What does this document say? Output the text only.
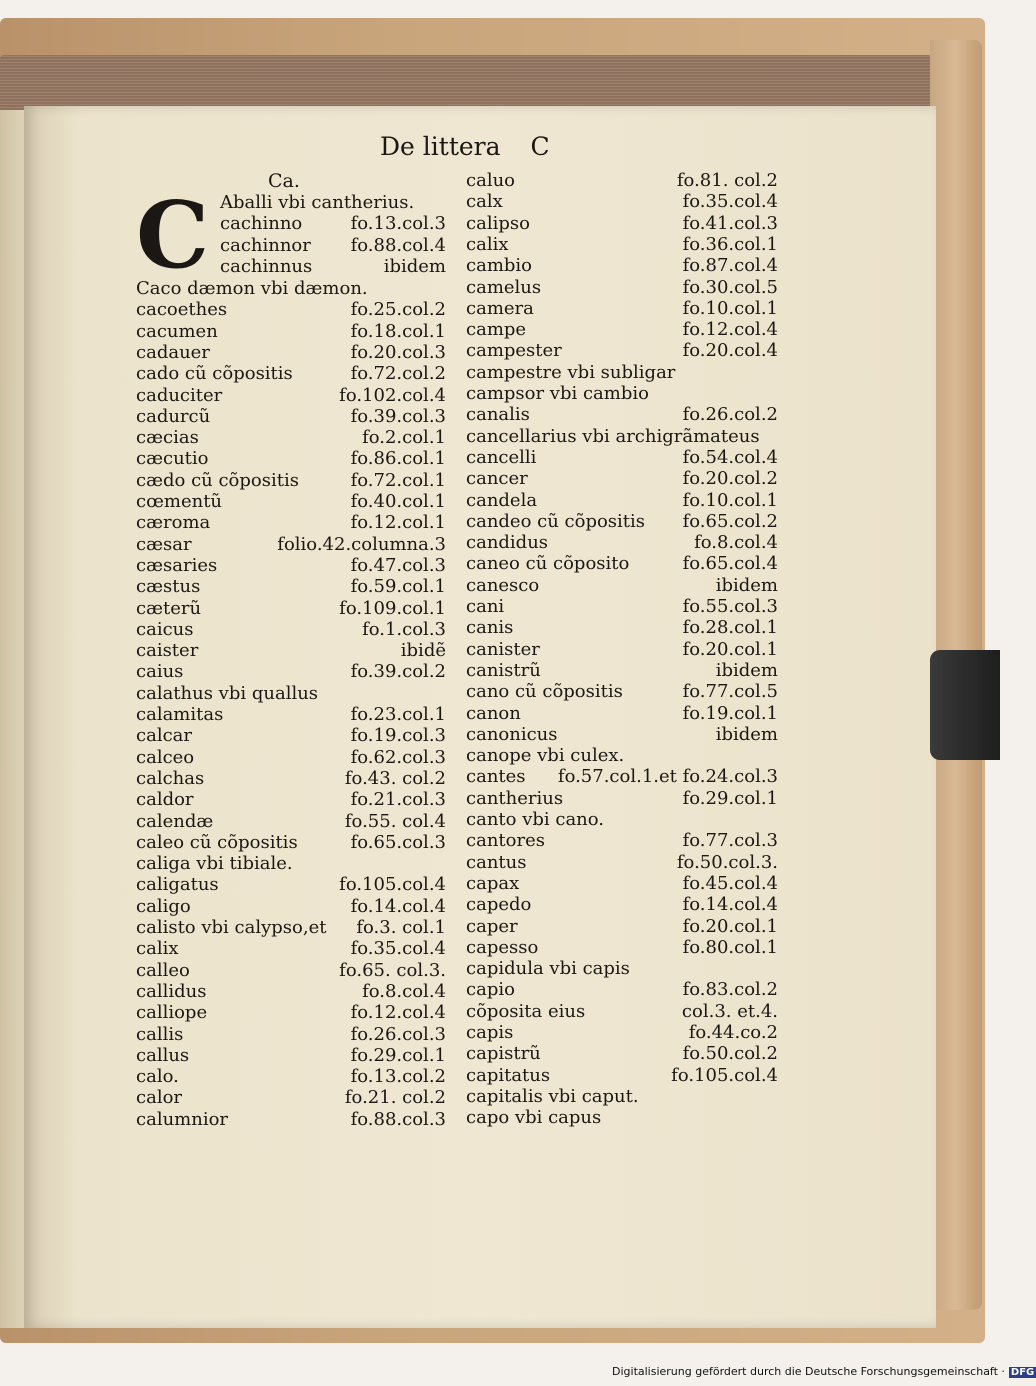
De littera C
Ca.
C Aballi vbi cantherius.
cachinno	fo.13.col.3
cachinnor fo.88.col.4
cachinnus	ibidem
Caco dæmon vbi dæmon.
cacoethes	fo.25.col.2
cacumen	fo.18.col.1
cadauer	fo.20.col.3
cado cũ cõpositis	fo.72.col.2
caduciter	fo.102.col.4
cadurcũ	fo.39.col.3
cæcias	fo.2.col.1
cæcutio	fo.86.col.1
cædo cũ cõpositis	fo.72.col.1
cœmentũ	fo.40.col.1
cæroma	fo.12.col.1
cæsar	folio.42.columna.3
cæsaries	fo.47.col.3
cæstus	fo.59.col.1
cæterũ	fo.109.col.1
caicus	fo.1.col.3
caister	ibidẽ
caius	fo.39.col.2
calathus vbi quallus
calamitas	fo.23.col.1
calcar	fo.19.col.3
calceo	fo.62.col.3
calchas	fo.43. col.2
caldor	fo.21.col.3
calendæ	fo.55. col.4
caleo cũ cõpositis	fo.65.col.3
caliga vbi tibiale.
caligatus	fo.105.col.4
caligo	fo.14.col.4
calisto vbi calypso,et fo.3. col.1
calix	fo.35.col.4
calleo	fo.65. col.3.
callidus	fo.8.col.4
calliope	fo.12.col.4
callis	fo.26.col.3
callus	fo.29.col.1
calo.	fo.13.col.2
calor	fo.21. col.2
calumnior	fo.88.col.3
caluo	fo.81. col.2
calx	fo.35.col.4
calipso	fo.41.col.3
calix	fo.36.col.1
cambio	fo.87.col.4
camelus	fo.30.col.5
camera	fo.10.col.1
campe	fo.12.col.4
campester	fo.20.col.4
campestre vbi subligar
campsor vbi cambio
canalis	fo.26.col.2
cancellarius vbi archigrãmateus
cancelli	fo.54.col.4
cancer	fo.20.col.2
candela	fo.10.col.1
candeo cũ cõpositis fo.65.col.2
candidus	fo.8.col.4
caneo cũ cõposito	fo.65.col.4
canesco	ibidem
cani	fo.55.col.3
canis	fo.28.col.1
canister	fo.20.col.1
canistrũ	ibidem
cano cũ cõpositis	fo.77.col.5
canon	fo.19.col.1
canonicus	ibidem
canope vbi culex.
cantes fo.57.col.1.et fo.24.col.3
cantherius	fo.29.col.1
canto vbi cano.
cantores	fo.77.col.3
cantus	fo.50.col.3.
capax	fo.45.col.4
capedo	fo.14.col.4
caper	fo.20.col.1
capesso	fo.80.col.1
capidula vbi capis
capio	fo.83.col.2
cõposita eius	col.3. et.4.
capis	fo.44.co.2
capistrũ	fo.50.col.2
capitatus	fo.105.col.4
capitalis vbi caput.
capo vbi capus
Digitalisierung gefördert durch die Deutsche Forschungsgemeinschaft · DFG
